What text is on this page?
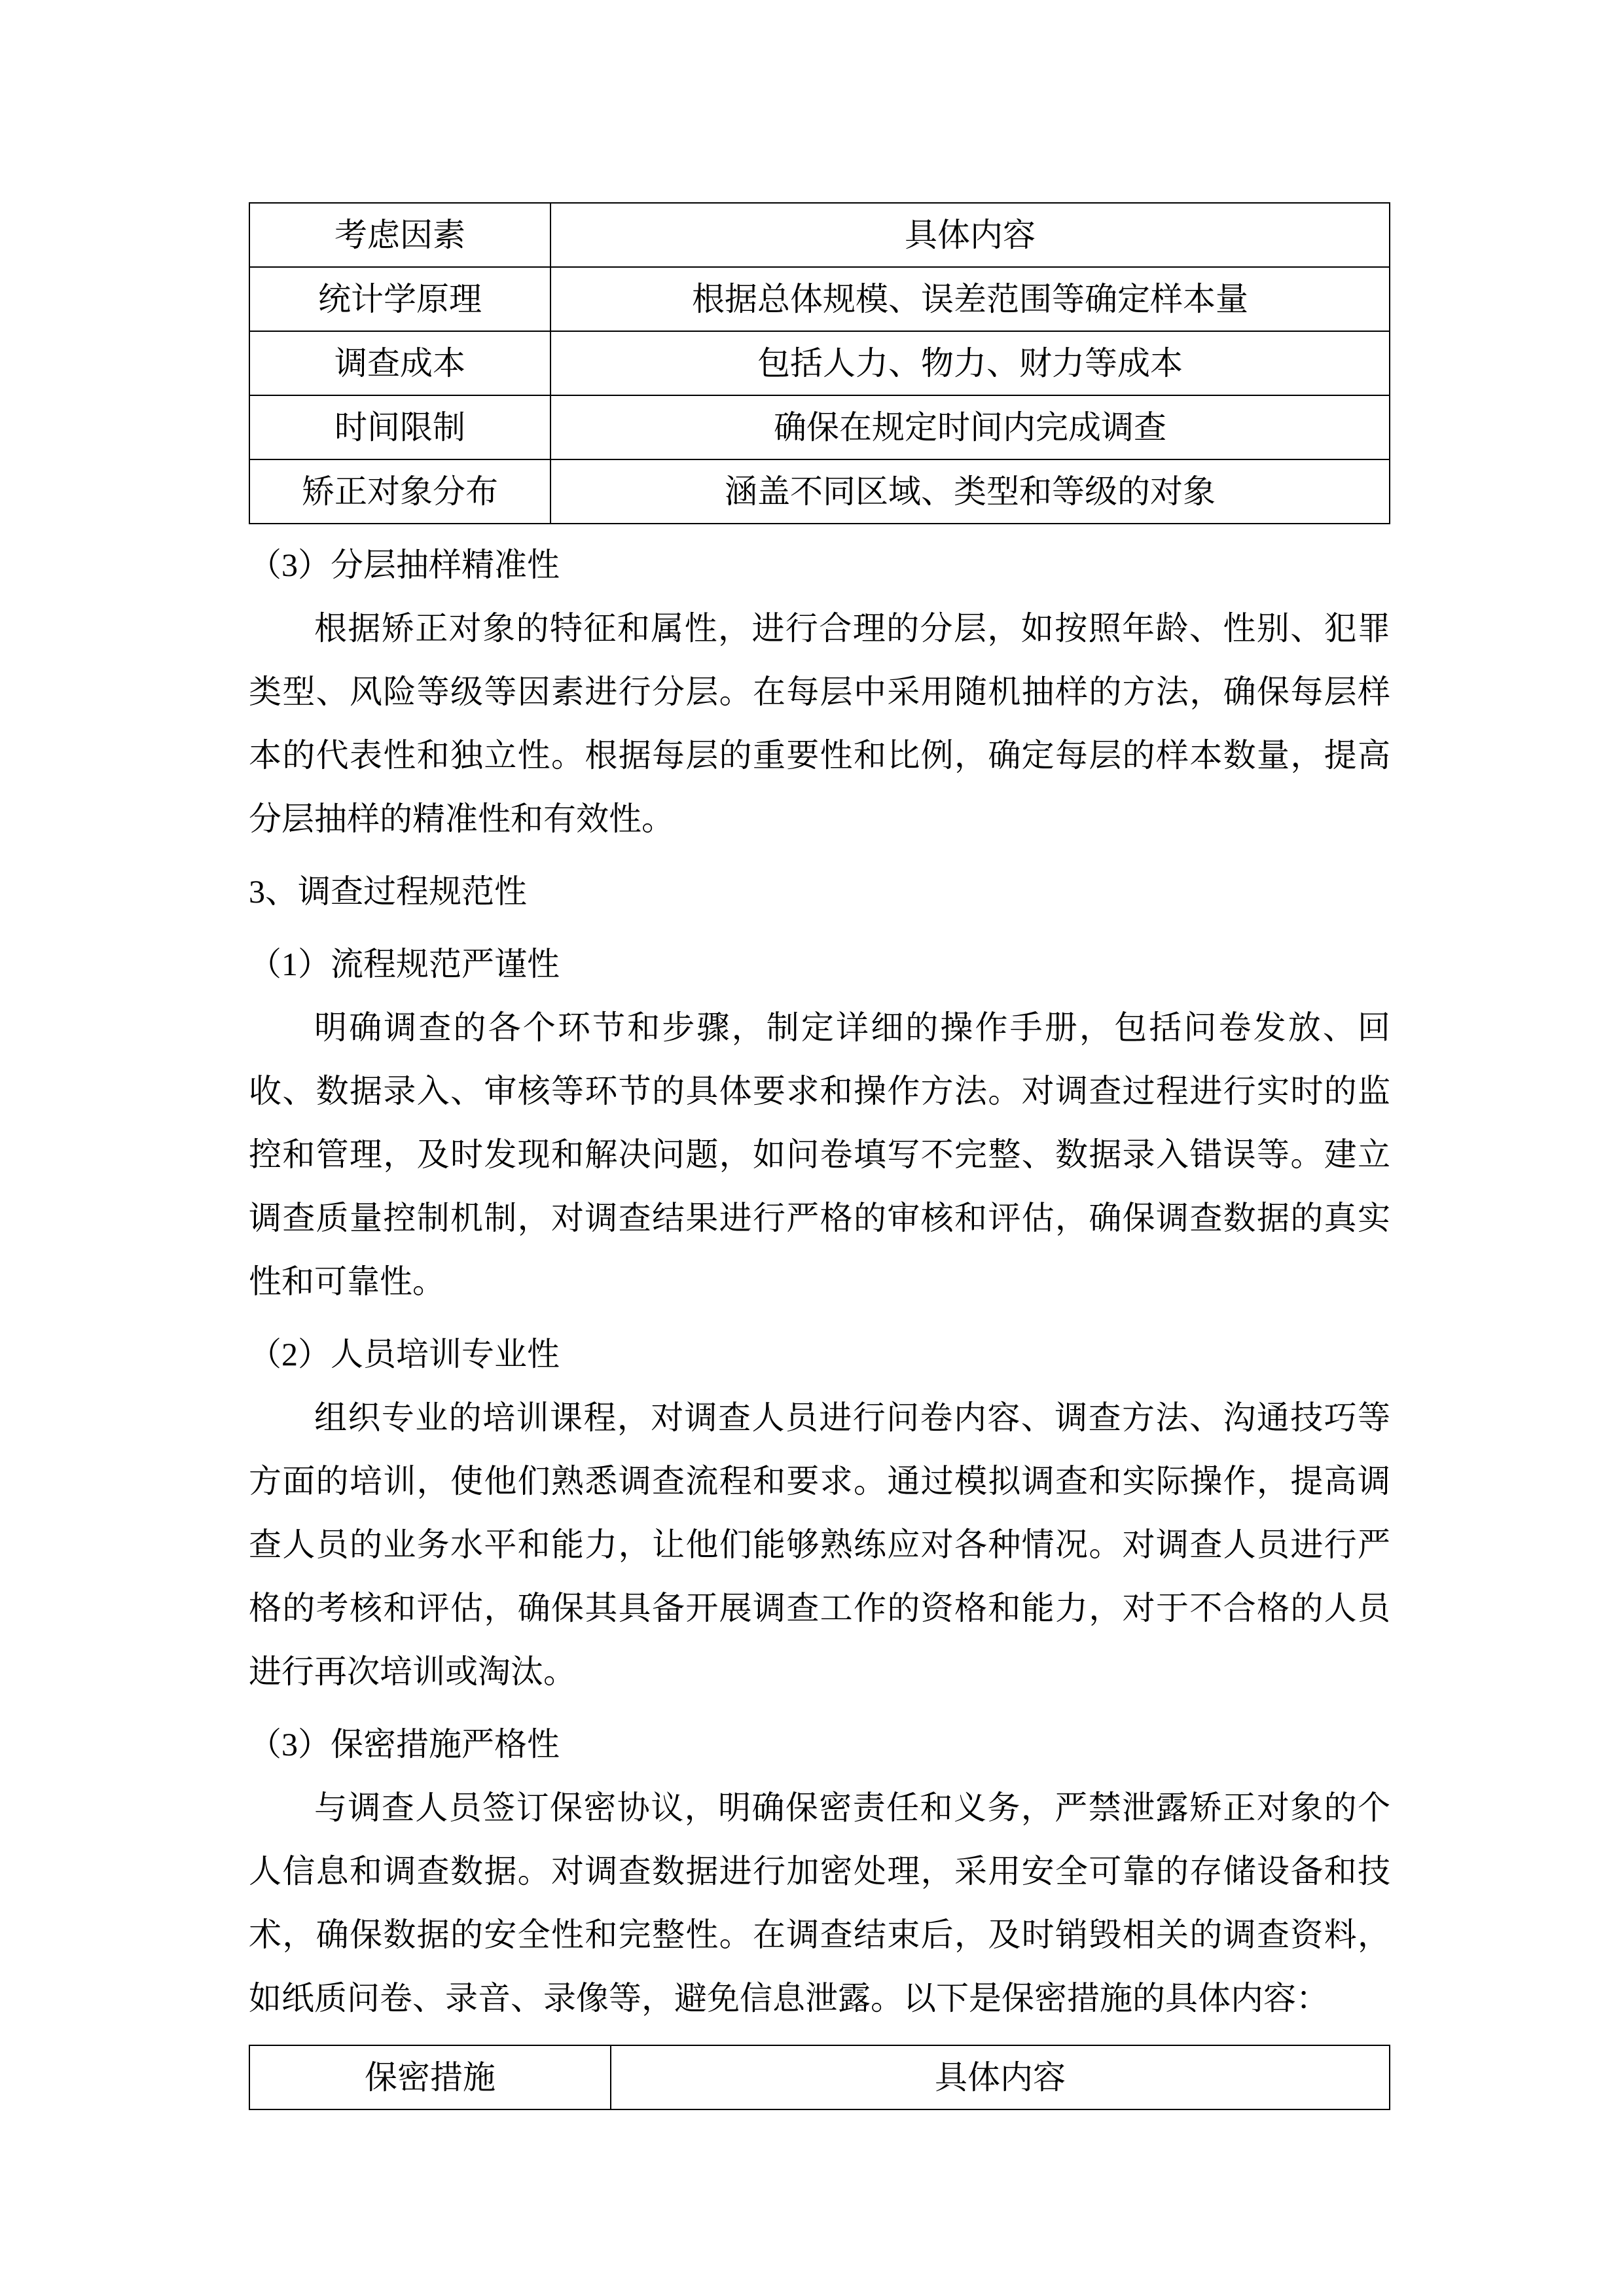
考虑因素	具体内容
统计学原理	根据总体规模、误差范围等确定样本量
调查成本	包括人力、物力、财力等成本
时间限制	确保在规定时间内完成调查
矫正对象分布	涵盖不同区域、类型和等级的对象

（3）分层抽样精准性

根据矫正对象的特征和属性，进行合理的分层，如按照年龄、性别、犯罪类型、风险等级等因素进行分层。在每层中采用随机抽样的方法，确保每层样本的代表性和独立性。根据每层的重要性和比例，确定每层的样本数量，提高分层抽样的精准性和有效性。

3、调查过程规范性

（1）流程规范严谨性

明确调查的各个环节和步骤，制定详细的操作手册，包括问卷发放、回收、数据录入、审核等环节的具体要求和操作方法。对调查过程进行实时的监控和管理，及时发现和解决问题，如问卷填写不完整、数据录入错误等。建立调查质量控制机制，对调查结果进行严格的审核和评估，确保调查数据的真实性和可靠性。

（2）人员培训专业性

组织专业的培训课程，对调查人员进行问卷内容、调查方法、沟通技巧等方面的培训，使他们熟悉调查流程和要求。通过模拟调查和实际操作，提高调查人员的业务水平和能力，让他们能够熟练应对各种情况。对调查人员进行严格的考核和评估，确保其具备开展调查工作的资格和能力，对于不合格的人员进行再次培训或淘汰。

（3）保密措施严格性

与调查人员签订保密协议，明确保密责任和义务，严禁泄露矫正对象的个人信息和调查数据。对调查数据进行加密处理，采用安全可靠的存储设备和技术，确保数据的安全性和完整性。在调查结束后，及时销毁相关的调查资料，如纸质问卷、录音、录像等，避免信息泄露。以下是保密措施的具体内容：

保密措施	具体内容
